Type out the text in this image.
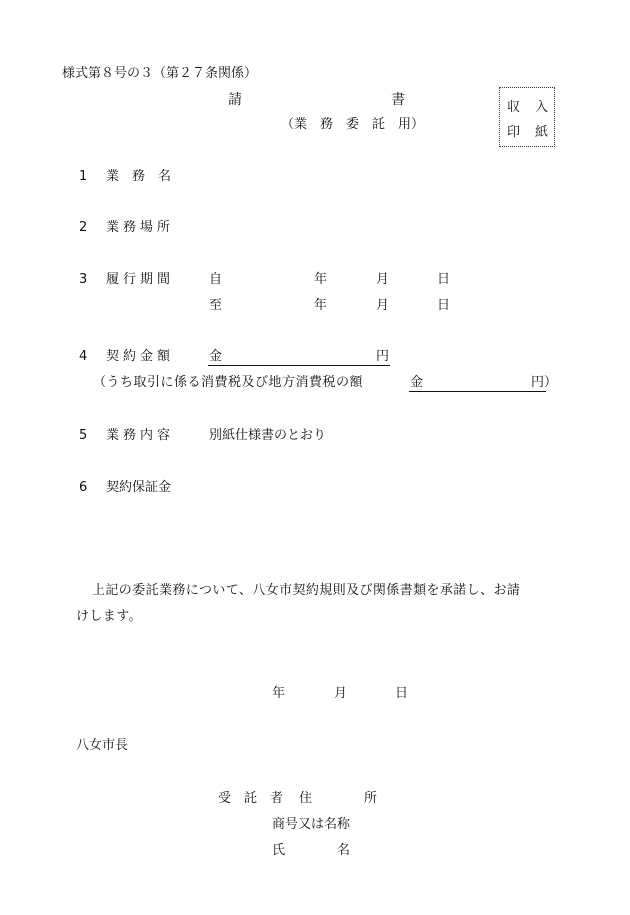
様式第８号の３（第２７条関係）
請	書
（業　務　委　託　用）
収 入
印 紙
1 業　務　名
2 業務場所
3 履行期間	自	年	月	日
至	年	月	日
4 契約金額	金	円
（うち取引に係る消費税及び地方消費税の額	金	円）
5 業務内容	別紙仕様書のとおり
6 契約保証金
上記の委託業務について、八女市契約規則及び関係書類を承諾し、お請
けします。
年	月	日
八女市長
受　託　者 住　　　　所
商号又は名称
氏　　　　名
